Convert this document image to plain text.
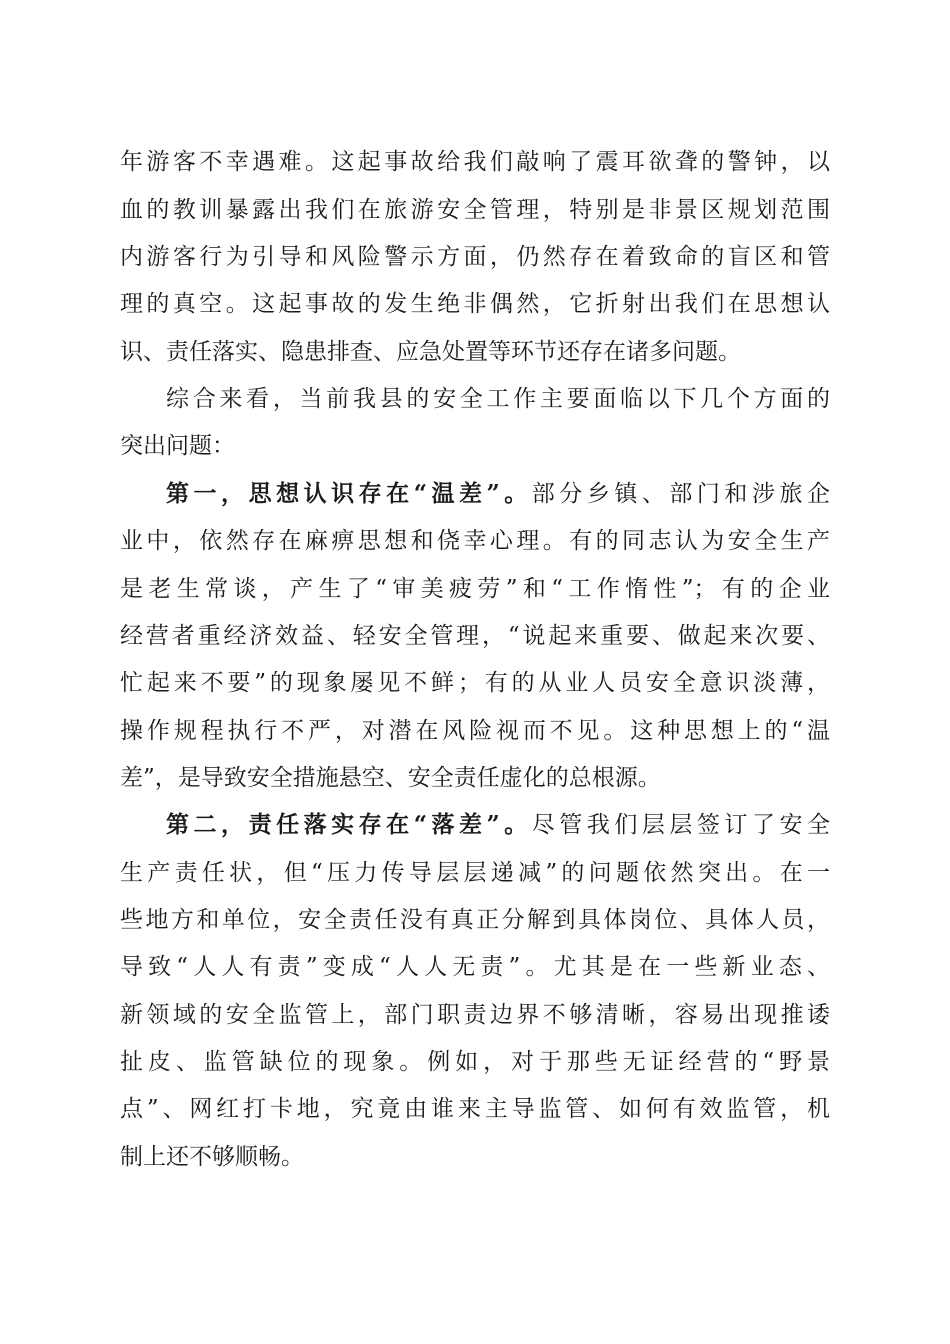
年游客不幸遇难。这起事故给我们敲响了震耳欲聋的警钟，以
血的教训暴露出我们在旅游安全管理，特别是非景区规划范围
内游客行为引导和风险警示方面，仍然存在着致命的盲区和管
理的真空。这起事故的发生绝非偶然，它折射出我们在思想认
识、责任落实、隐患排查、应急处置等环节还存在诸多问题。
综合来看，当前我县的安全工作主要面临以下几个方面的
突出问题：
第一，思想认识存在“温差”。部分乡镇、部门和涉旅企
业中，依然存在麻痹思想和侥幸心理。有的同志认为安全生产
是老生常谈，产生了“审美疲劳”和“工作惰性”；有的企业
经营者重经济效益、轻安全管理，“说起来重要、做起来次要、
忙起来不要”的现象屡见不鲜；有的从业人员安全意识淡薄，
操作规程执行不严，对潜在风险视而不见。这种思想上的“温
差”，是导致安全措施悬空、安全责任虚化的总根源。
第二，责任落实存在“落差”。尽管我们层层签订了安全
生产责任状，但“压力传导层层递减”的问题依然突出。在一
些地方和单位，安全责任没有真正分解到具体岗位、具体人员，
导致“人人有责”变成“人人无责”。尤其是在一些新业态、
新领域的安全监管上，部门职责边界不够清晰，容易出现推诿
扯皮、监管缺位的现象。例如，对于那些无证经营的“野景
点”、网红打卡地，究竟由谁来主导监管、如何有效监管，机
制上还不够顺畅。
